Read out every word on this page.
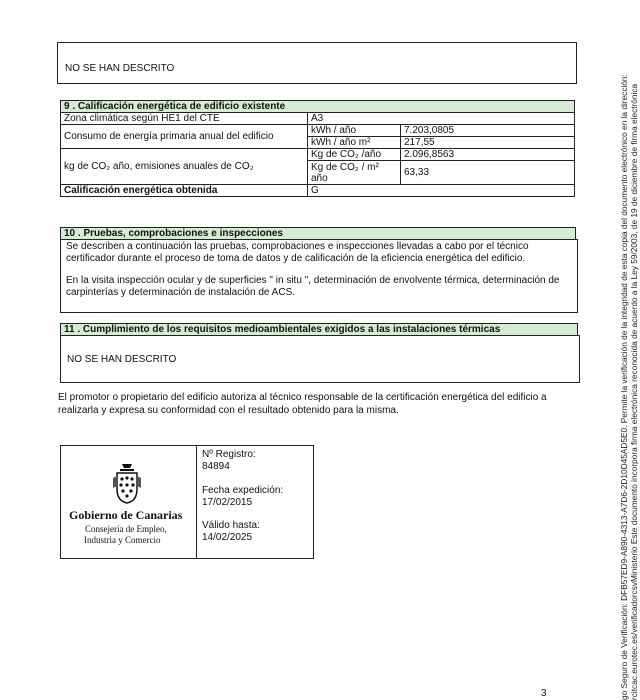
NO SE HAN DESCRITO
9 . Calificación energética de edificio existente
Zona climática según HE1 del CTE	A3	
Consumo de energía primaria anual del edificio	kWh / año	7.203,0805
	kWh / año m²	217,55
kg de CO₂ año, emisiones anuales de CO₂	Kg de CO₂ /año	2.096,8563
	Kg de CO₂ / m² año	63,33
Calificación energética obtenida	G	
10 . Pruebas, comprobaciones e inspecciones
Se describen a continuación las pruebas, comprobaciones e inspecciones llevadas a cabo por el técnico certificador durante el proceso de toma de datos y de calificación de la eficiencia energética del edificio.
En la visita inspección ocular y de superficies " in situ ", determinación de envolvente térmica, determinación de carpinterías y determinación de instalación de ACS.
11 . Cumplimiento de los requisitos medioambientales exigidos a las instalaciones térmicas
NO SE HAN DESCRITO
El promotor o propietario del edificio autoriza al técnico responsable de la certificación energética del edificio a realizarla y expresa su conformidad con el resultado obtenido para la misma.
Gobierno de Canarias
Consejería de Empleo,
Industria y Comercio
Nº Registro:
84894
Fecha expedición:
17/02/2015
Válido hasta:
14/02/2025	go Seguro de Verificación: DFB57ED9-A890-4313-A7D6-2D10D45AD5E0. Permite la verificación de la integridad de esta copia del documento electrónico en la dirección: rcitcac.eurotec.es/verificadorcsvMinisterio Este documento incorpora firma electrónica reconocida de acuerdo a la Ley 59/2003, de 19 de diciembre de firma electrónica
3
